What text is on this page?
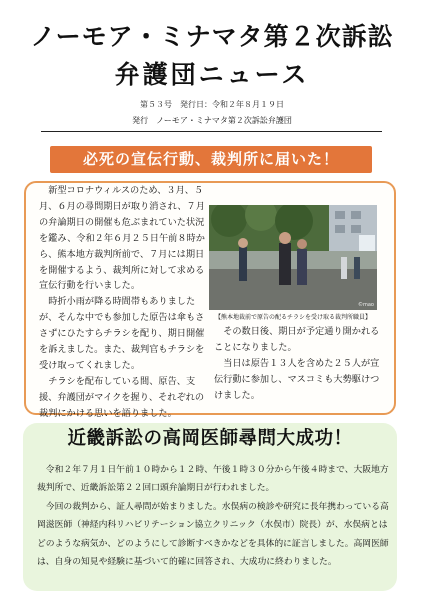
ノーモア・ミナマタ第２次訴訟
弁護団ニュース
第５３号　発行日：令和２年８月１９日
発行　ノーモア・ミナマタ第２次訴訟弁護団
必死の宣伝行動、裁判所に届いた！

新型コロナウィルスのため、３月、５月、６月の尋問期日が取り消され、７月の弁論期日の開催も危ぶまれていた状況を鑑み、令和２年６月２５日午前８時から、熊本地方裁判所前で、７月には期日を開催するよう、裁判所に対して求める宣伝行動を行いました。

時折小雨が降る時間帯もありましたが、そんな中でも参加した原告は傘もささずにひたすらチラシを配り、期日開催を訴えました。また、裁判官もチラシを受け取ってくれました。

チラシを配布している間、原告、支援、弁護団がマイクを握り、それぞれの裁判にかける思いを語りました。

©mao
【熊本地裁前で原告の配るチラシを受け取る裁判所職員】

その数日後、期日が予定通り開かれることになりました。

当日は原告１３人を含めた２５人が宣伝行動に参加し、マスコミも大勢駆けつけました。

近畿訴訟の高岡医師尋問大成功！

令和２年７月１日午前１０時から１２時、午後１時３０分から午後４時まで、大阪地方裁判所で、近畿訴訟第２２回口頭弁論期日が行われました。

今回の裁判から、証人尋問が始まりました。水俣病の検診や研究に長年携わっている高岡滋医師（神経内科リハビリテーション協立クリニック（水俣市）院長）が、水俣病とはどのような病気か、どのようにして診断すべきかなどを具体的に証言しました。高岡医師は、自身の知見や経験に基づいて的確に回答され、大成功に終わりました。
